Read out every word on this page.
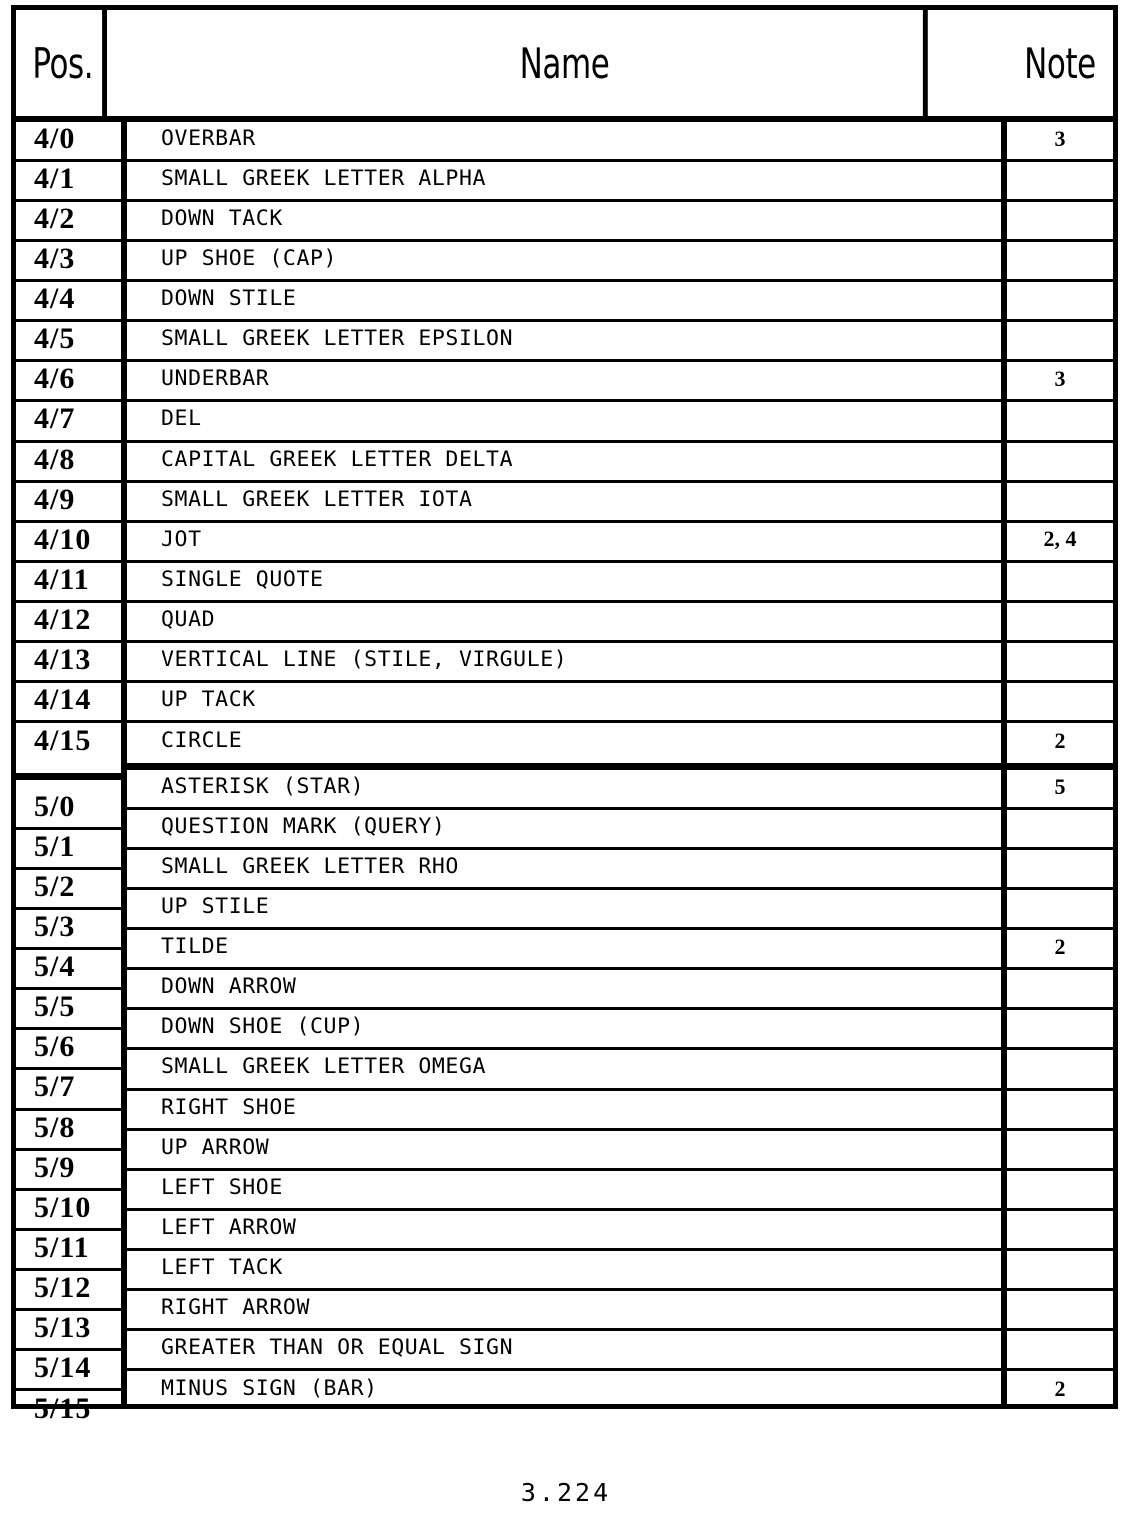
Pos.	Name	Note
4/0
4/1
4/2
4/3
4/4
4/5
4/6
4/7
4/8
4/9
4/10
4/11
4/12
4/13
4/14
4/15
5/0
5/1
5/2
5/3
5/4
5/5
5/6
5/7
5/8
5/9
5/10
5/11
5/12
5/13
5/14
5/15
OVERBAR
SMALL GREEK LETTER ALPHA
DOWN TACK
UP SHOE (CAP)
DOWN STILE
SMALL GREEK LETTER EPSILON
UNDERBAR
DEL
CAPITAL GREEK LETTER DELTA
SMALL GREEK LETTER IOTA
JOT
SINGLE QUOTE
QUAD
VERTICAL LINE (STILE, VIRGULE)
UP TACK
CIRCLE
ASTERISK (STAR)
QUESTION MARK (QUERY)
SMALL GREEK LETTER RHO
UP STILE
TILDE
DOWN ARROW
DOWN SHOE (CUP)
SMALL GREEK LETTER OMEGA
RIGHT SHOE
UP ARROW
LEFT SHOE
LEFT ARROW
LEFT TACK
RIGHT ARROW
GREATER THAN OR EQUAL SIGN
MINUS SIGN (BAR)
3
3
2, 4
2
5
2
2
3.224
